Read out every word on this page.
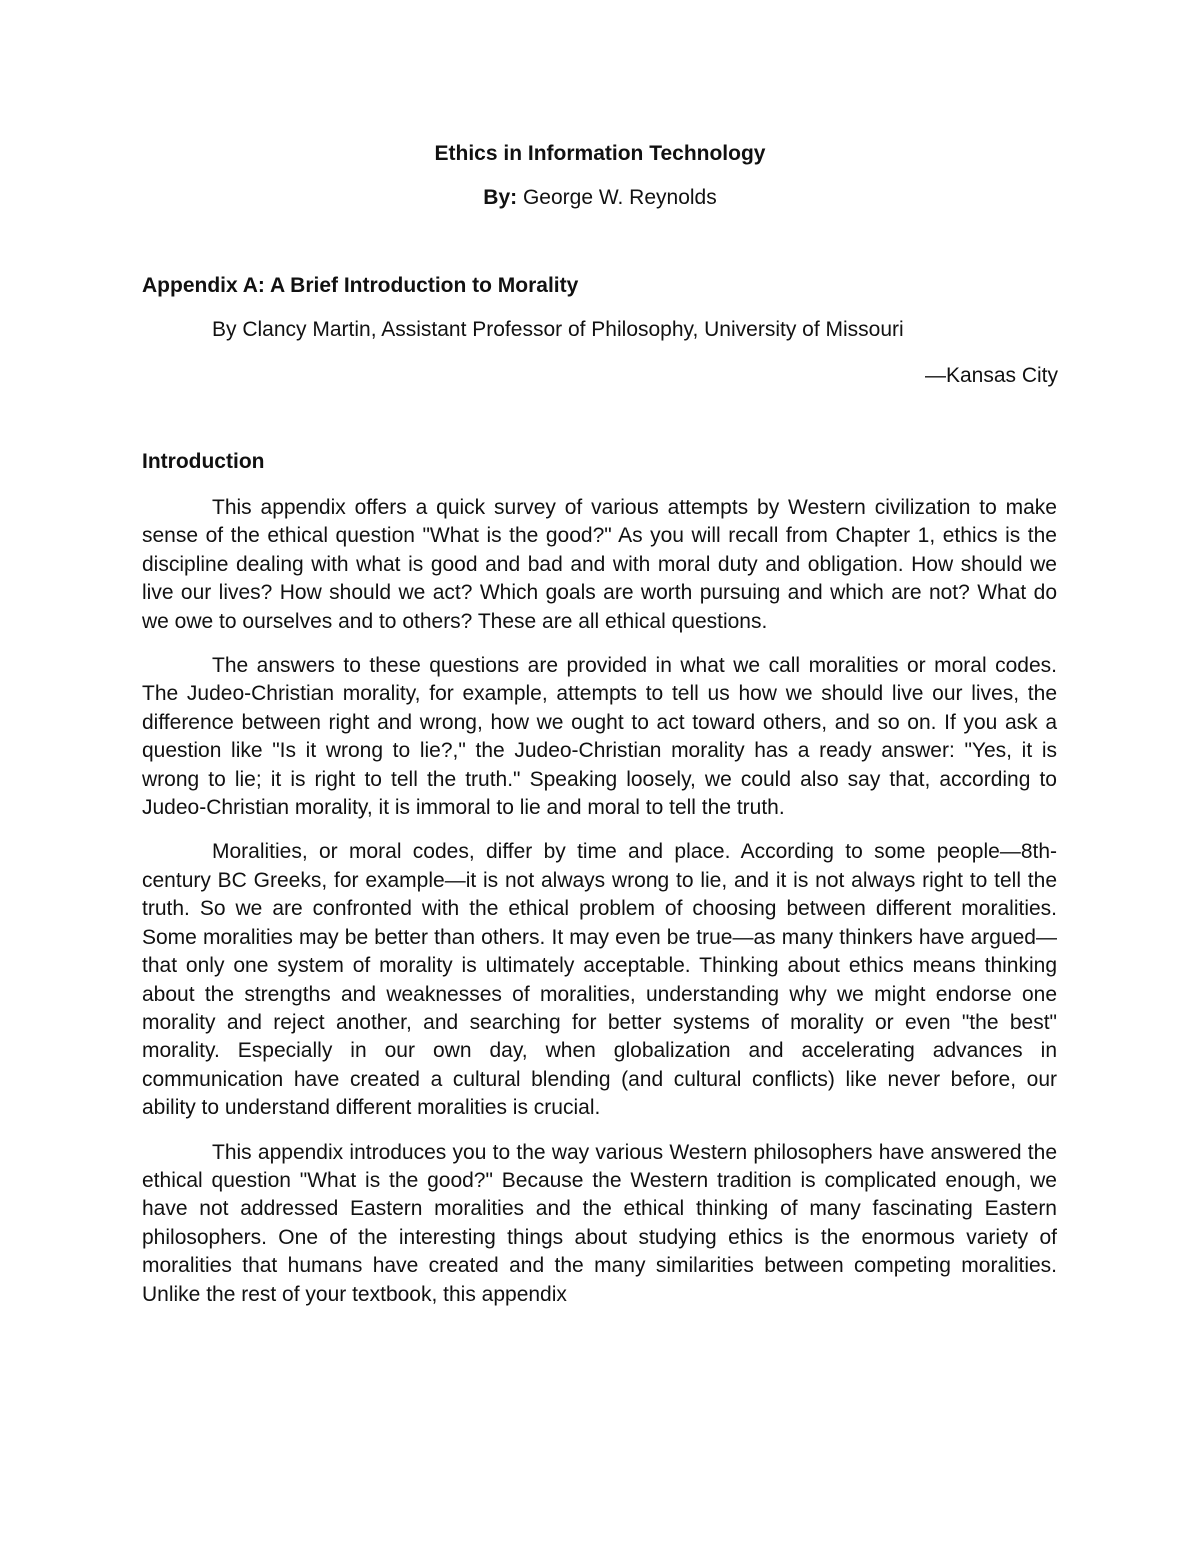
Ethics in Information Technology
By: George W. Reynolds
Appendix A: A Brief Introduction to Morality
By Clancy Martin, Assistant Professor of Philosophy, University of Missouri
—Kansas City
Introduction

This appendix offers a quick survey of various attempts by Western civilization to make sense of the ethical question "What is the good?" As you will recall from Chapter 1, ethics is the discipline dealing with what is good and bad and with moral duty and obligation. How should we live our lives? How should we act? Which goals are worth pursuing and which are not? What do we owe to ourselves and to others? These are all ethical questions.

The answers to these questions are provided in what we call moralities or moral codes. The Judeo-Christian morality, for example, attempts to tell us how we should live our lives, the difference between right and wrong, how we ought to act toward others, and so on. If you ask a question like "Is it wrong to lie?," the Judeo-Christian morality has a ready answer: "Yes, it is wrong to lie; it is right to tell the truth." Speaking loosely, we could also say that, according to Judeo-Christian morality, it is immoral to lie and moral to tell the truth.

Moralities, or moral codes, differ by time and place. According to some people—8th-century BC Greeks, for example—it is not always wrong to lie, and it is not always right to tell the truth. So we are confronted with the ethical problem of choosing between different moralities. Some moralities may be better than others. It may even be true—as many thinkers have argued—that only one system of morality is ultimately acceptable. Thinking about ethics means thinking about the strengths and weaknesses of moralities, understanding why we might endorse one morality and reject another, and searching for better systems of morality or even "the best" morality. Especially in our own day, when globalization and accelerating advances in communication have created a cultural blending (and cultural conflicts) like never before, our ability to understand different moralities is crucial.

This appendix introduces you to the way various Western philosophers have answered the ethical question "What is the good?" Because the Western tradition is complicated enough, we have not addressed Eastern moralities and the ethical thinking of many fascinating Eastern philosophers. One of the interesting things about studying ethics is the enormous variety of moralities that humans have created and the many similarities between competing moralities. Unlike the rest of your textbook, this appendix
